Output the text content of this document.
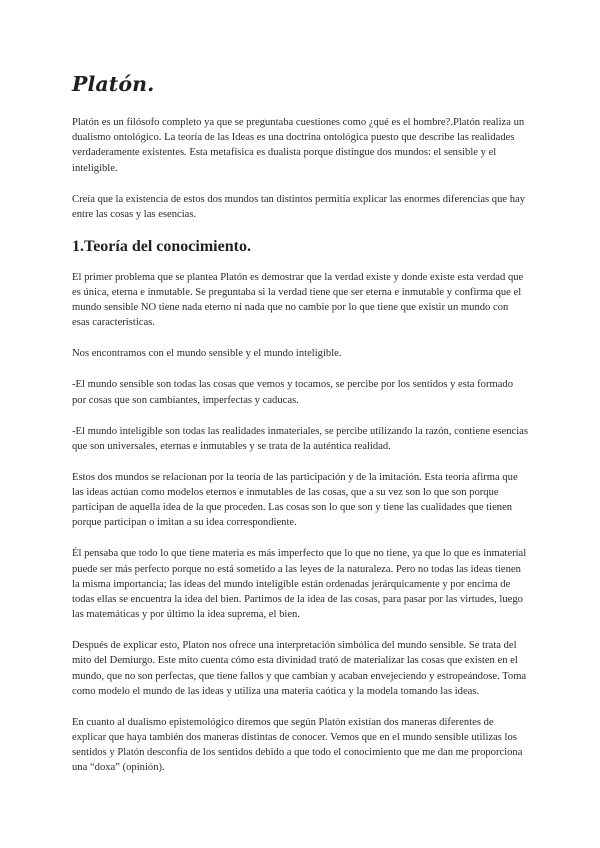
Platón.

Platón es un filósofo completo ya que se preguntaba cuestiones como ¿qué es el hombre?.Platón realiza un dualismo ontológico. La teoría de las Ideas es una doctrina ontológica puesto que describe las realidades verdaderamente existentes. Esta metafísica es dualista porque distingue dos mundos: el sensible y el inteligible.

Creía que la existencia de estos dos mundos tan distintos permitía explicar las enormes diferencias que hay entre las cosas y las esencias.

1.Teoría del conocimiento.

El primer problema que se plantea Platón es demostrar que la verdad existe y donde existe esta verdad que es única, eterna e inmutable. Se preguntaba si la verdad tiene que ser eterna e inmutable y confirma que el mundo sensible NO tiene nada eterno ni nada que no cambie por lo que tiene que existir un mundo con esas características.

Nos encontramos con el mundo sensible y el mundo inteligible.

-El mundo sensible son todas las cosas que vemos y tocamos, se percibe por los sentidos y esta formado por cosas que son cambiantes, imperfectas y caducas.

-El mundo inteligible son todas las realidades inmateriales, se percibe utilizando la razón, contiene esencias que son universales, eternas e inmutables y se trata de la auténtica realidad.

Estos dos mundos se relacionan por la teoría de las participación y de la imitación. Esta teoría afirma que las ideas actúan como modelos eternos e inmutables de las cosas, que a su vez son lo que son porque participan de aquella idea de la que proceden. Las cosas son lo que son y tiene las cualidades que tienen porque participan o imitan a su idea correspondiente.

Él pensaba que todo lo que tiene materia es más imperfecto que lo que no tiene, ya que lo que es inmaterial puede ser más perfecto porque no está sometido a las leyes de la naturaleza. Pero no todas las ideas tienen la misma importancia; las ideas del mundo inteligible están ordenadas jerárquicamente y por encima de todas ellas se encuentra la idea del bien. Partimos de la idea de las cosas, para pasar por las virtudes, luego las matemáticas y por último la idea suprema, el bien.

Después de explicar esto, Platon nos ofrece una interpretación simbólica del mundo sensible. Se trata del mito del Demiurgo. Este mito cuenta cómo esta divinidad trató de materializar las cosas que existen en el mundo, que no son perfectas, que tiene fallos y que cambian y acaban envejeciendo y estropeándose. Toma como modelo el mundo de las ideas y utiliza una materia caótica y la modela tomando las ideas.

En cuanto al dualismo epistemológico diremos que según Platón existían dos maneras diferentes de explicar que haya también dos maneras distintas de conocer. Vemos que en el mundo sensible utilizas los sentidos y Platón desconfía de los sentidos debido a que todo el conocimiento que me dan me proporciona una “doxa” (opinión).
